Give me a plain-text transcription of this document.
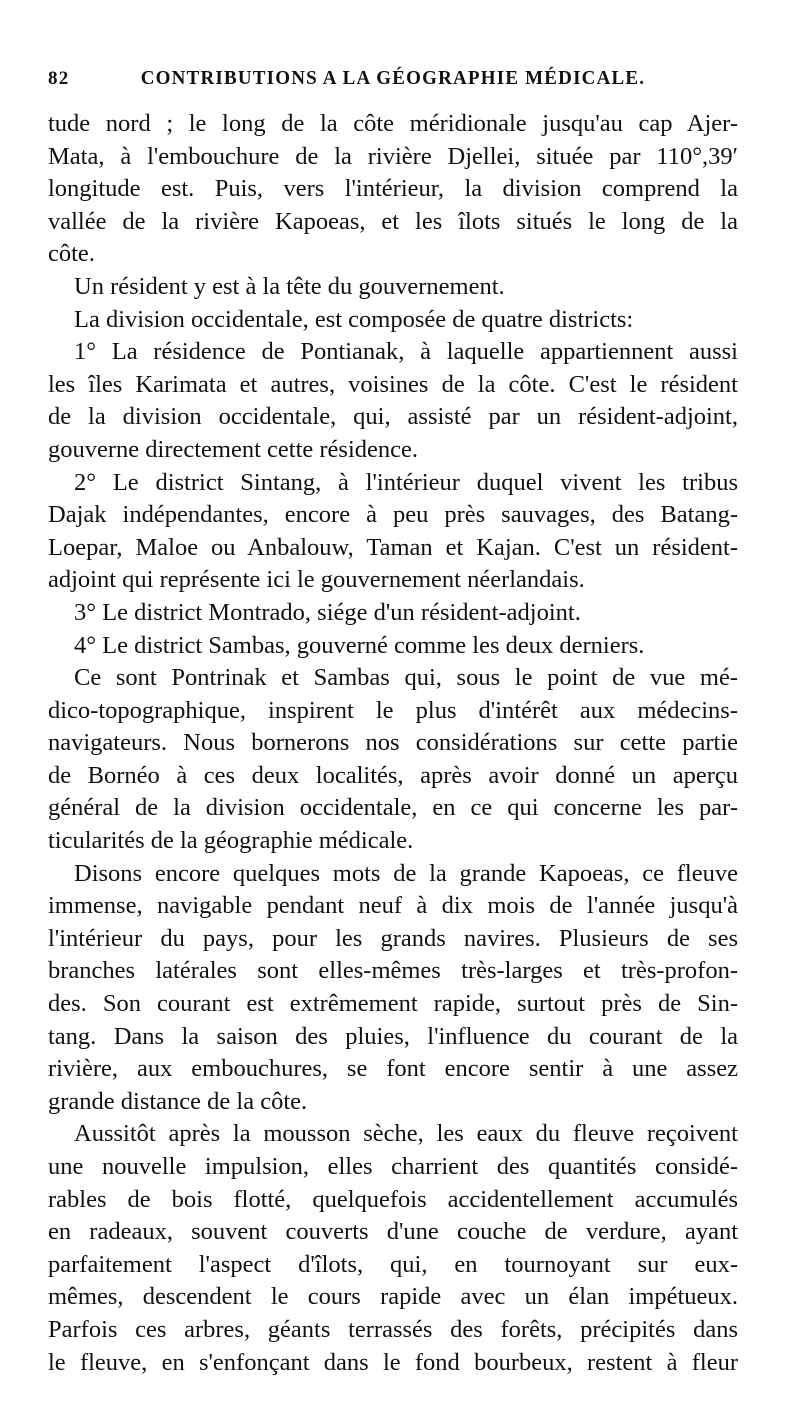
82	CONTRIBUTIONS A LA GÉOGRAPHIE MÉDICALE.

tude nord ; le long de la côte méridionale jusqu'au cap Ajer-
Mata, à l'embouchure de la rivière Djellei, située par 110°,39′
longitude est. Puis, vers l'intérieur, la division comprend la
vallée de la rivière Kapoeas, et les îlots situés le long de la
côte.

Un résident y est à la tête du gouvernement.

La division occidentale, est composée de quatre districts:

1° La résidence de Pontianak, à laquelle appartiennent aussi
les îles Karimata et autres, voisines de la côte. C'est le résident
de la division occidentale, qui, assisté par un résident-adjoint,
gouverne directement cette résidence.

2° Le district Sintang, à l'intérieur duquel vivent les tribus
Dajak indépendantes, encore à peu près sauvages, des Batang-
Loepar, Maloe ou Anbalouw, Taman et Kajan. C'est un résident-
adjoint qui représente ici le gouvernement néerlandais.

3° Le district Montrado, siége d'un résident-adjoint.

4° Le district Sambas, gouverné comme les deux derniers.

Ce sont Pontrinak et Sambas qui, sous le point de vue mé-
dico-topographique, inspirent le plus d'intérêt aux médecins-
navigateurs. Nous bornerons nos considérations sur cette partie
de Bornéo à ces deux localités, après avoir donné un aperçu
général de la division occidentale, en ce qui concerne les par-
ticularités de la géographie médicale.

Disons encore quelques mots de la grande Kapoeas, ce fleuve
immense, navigable pendant neuf à dix mois de l'année jusqu'à
l'intérieur du pays, pour les grands navires. Plusieurs de ses
branches latérales sont elles-mêmes très-larges et très-profon-
des. Son courant est extrêmement rapide, surtout près de Sin-
tang. Dans la saison des pluies, l'influence du courant de la
rivière, aux embouchures, se font encore sentir à une assez
grande distance de la côte.

Aussitôt après la mousson sèche, les eaux du fleuve reçoivent
une nouvelle impulsion, elles charrient des quantités considé-
rables de bois flotté, quelquefois accidentellement accumulés
en radeaux, souvent couverts d'une couche de verdure, ayant
parfaitement l'aspect d'îlots, qui, en tournoyant sur eux-
mêmes, descendent le cours rapide avec un élan impétueux.
Parfois ces arbres, géants terrassés des forêts, précipités dans
le fleuve, en s'enfonçant dans le fond bourbeux, restent à fleur
